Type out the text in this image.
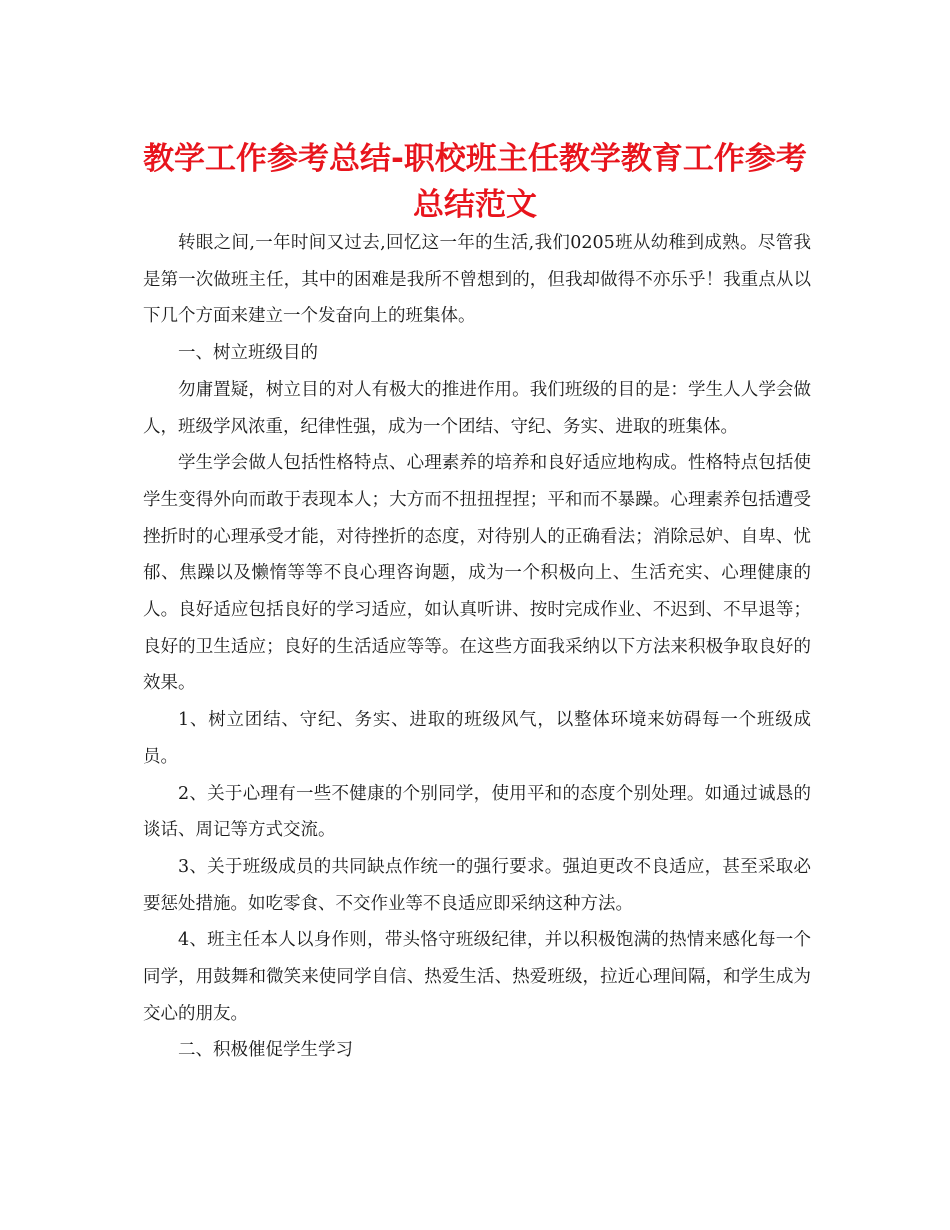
教学工作参考总结-职校班主任教学教育工作参考总结范文

转眼之间,一年时间又过去,回忆这一年的生活,我们0205班从幼稚到成熟。尽管我是第一次做班主任，其中的困难是我所不曾想到的，但我却做得不亦乐乎！我重点从以下几个方面来建立一个发奋向上的班集体。

一、树立班级目的

勿庸置疑，树立目的对人有极大的推进作用。我们班级的目的是：学生人人学会做人，班级学风浓重，纪律性强，成为一个团结、守纪、务实、进取的班集体。

学生学会做人包括性格特点、心理素养的培养和良好适应地构成。性格特点包括使学生变得外向而敢于表现本人；大方而不扭扭捏捏；平和而不暴躁。心理素养包括遭受挫折时的心理承受才能，对待挫折的态度，对待别人的正确看法；消除忌妒、自卑、忧郁、焦躁以及懒惰等等不良心理咨询题，成为一个积极向上、生活充实、心理健康的人。良好适应包括良好的学习适应，如认真听讲、按时完成作业、不迟到、不早退等；良好的卫生适应；良好的生活适应等等。在这些方面我采纳以下方法来积极争取良好的效果。

1、树立团结、守纪、务实、进取的班级风气，以整体环境来妨碍每一个班级成员。

2、关于心理有一些不健康的个别同学，使用平和的态度个别处理。如通过诚恳的谈话、周记等方式交流。

3、关于班级成员的共同缺点作统一的强行要求。强迫更改不良适应，甚至采取必要惩处措施。如吃零食、不交作业等不良适应即采纳这种方法。

4、班主任本人以身作则，带头恪守班级纪律，并以积极饱满的热情来感化每一个同学，用鼓舞和微笑来使同学自信、热爱生活、热爱班级，拉近心理间隔，和学生成为交心的朋友。

二、积极催促学生学习
